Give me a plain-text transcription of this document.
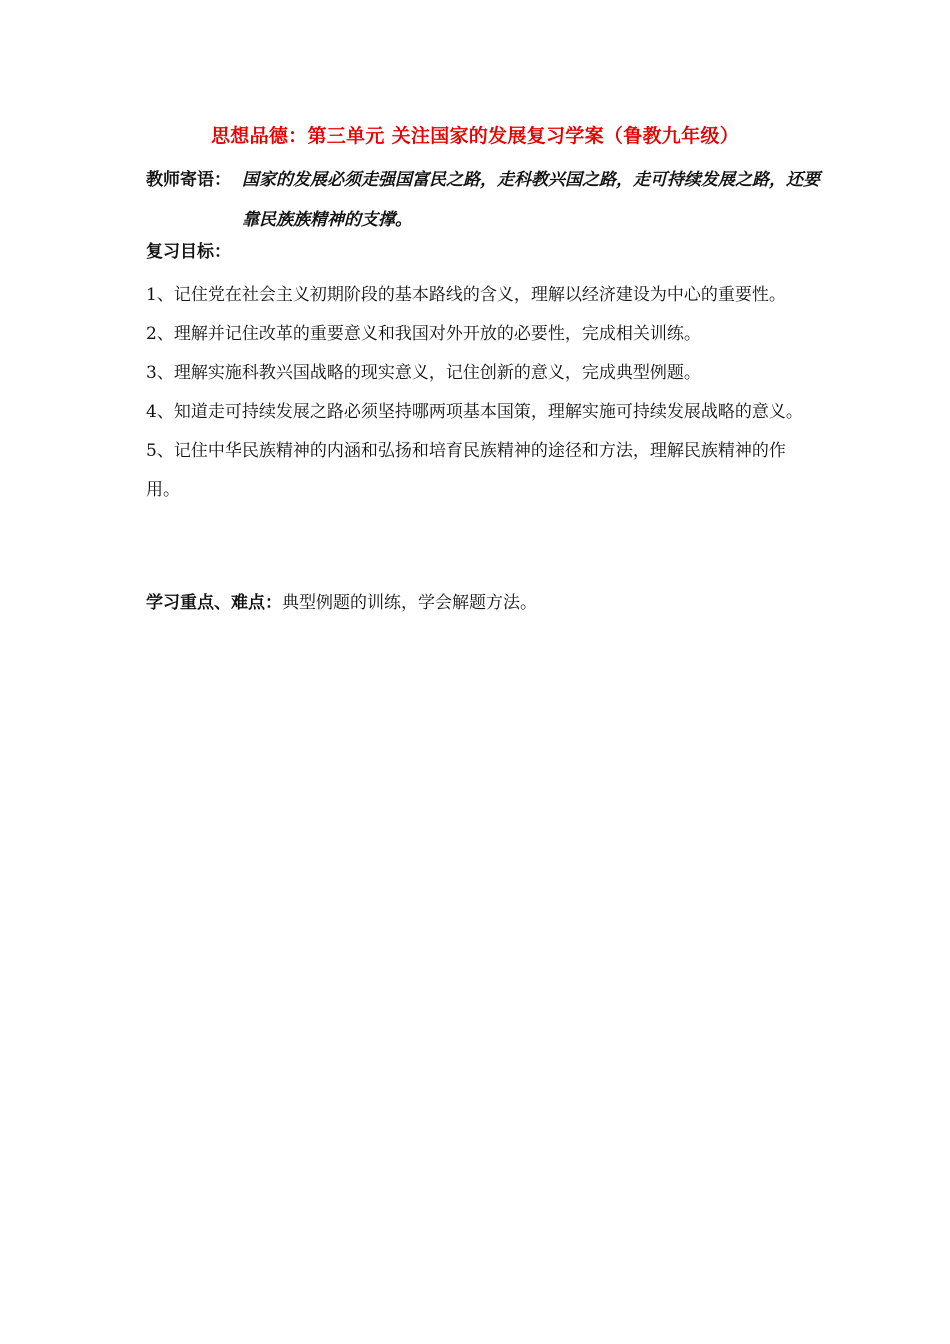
思想品德：第三单元 关注国家的发展复习学案（鲁教九年级）
教师寄语： 国家的发展必须走强国富民之路，走科教兴国之路，走可持续发展之路，还要靠民族族精神的支撑。
复习目标：
1、记住党在社会主义初期阶段的基本路线的含义，理解以经济建设为中心的重要性。
2、理解并记住改革的重要意义和我国对外开放的必要性，完成相关训练。
3、理解实施科教兴国战略的现实意义，记住创新的意义，完成典型例题。
4、知道走可持续发展之路必须坚持哪两项基本国策，理解实施可持续发展战略的意义。
5、记住中华民族精神的内涵和弘扬和培育民族精神的途径和方法，理解民族精神的作用。
学习重点、难点：典型例题的训练，学会解题方法。
